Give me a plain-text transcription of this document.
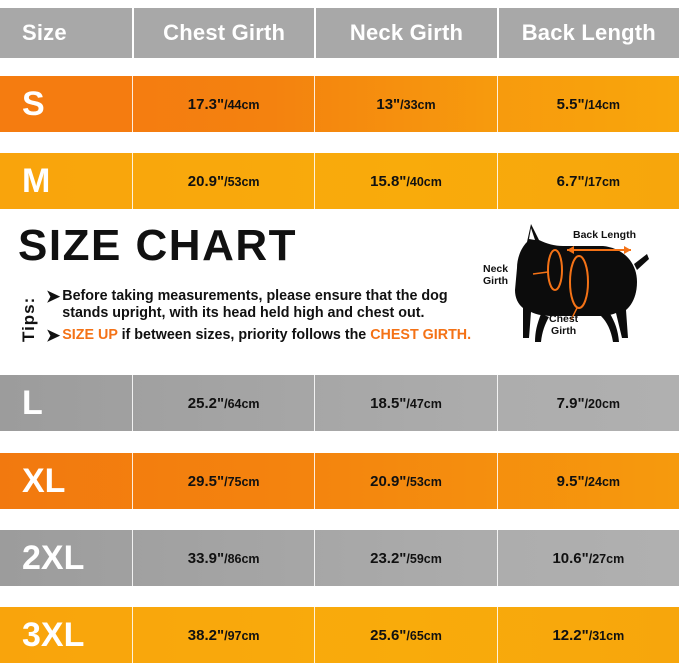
Size	Chest Girth	Neck Girth	Back Length
S	17.3"/44cm	13"/33cm	5.5"/14cm
M	20.9"/53cm	15.8"/40cm	6.7"/17cm
SIZE CHART
Tips: ➤ Before taking measurements, please ensure that the dog stands upright, with its head held high and chest out.
➤ SIZE UP if between sizes, priority follows the CHEST GIRTH.
Back Length
Neck
Girth
Chest
Girth
L	25.2"/64cm	18.5"/47cm	7.9"/20cm
XL	29.5"/75cm	20.9"/53cm	9.5"/24cm
2XL	33.9"/86cm	23.2"/59cm	10.6"/27cm
3XL	38.2"/97cm	25.6"/65cm	12.2"/31cm
